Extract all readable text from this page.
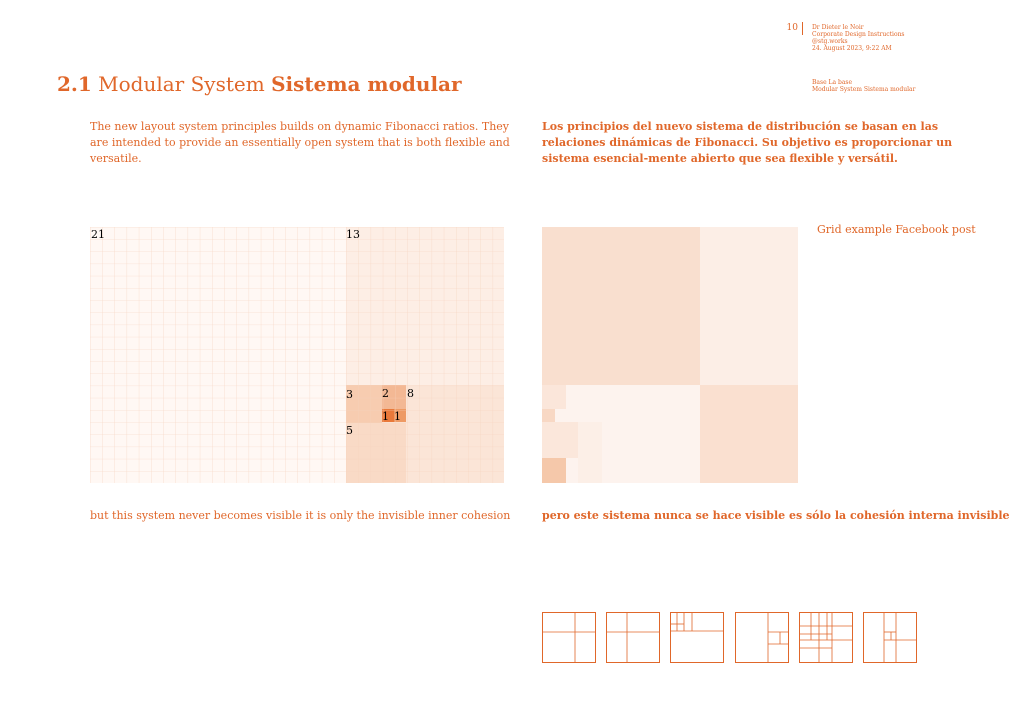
10 Dr Dieter le Noir
Corporate Design Instructions
@stg.works
24. August 2023, 9:22 AM
Base La base
Modular System Sistema modular
2.1 Modular System Sistema modular
The new layout system principles builds on dynamic Fibonacci ratios. They are intended to provide an essentially open system that is both flexible and versatile.
Los principios del nuevo sistema de distribución se basan en las relaciones dinámicas de Fibonacci. Su objetivo es proporcionar un sistema esencial-mente abierto que sea flexible y versátil.
21	13
8
5
3	2
1 1
Grid example Facebook post
but this system never becomes visible it is only the invisible inner cohesion	pero este sistema nunca se hace visible es sólo la cohesión interna invisible
